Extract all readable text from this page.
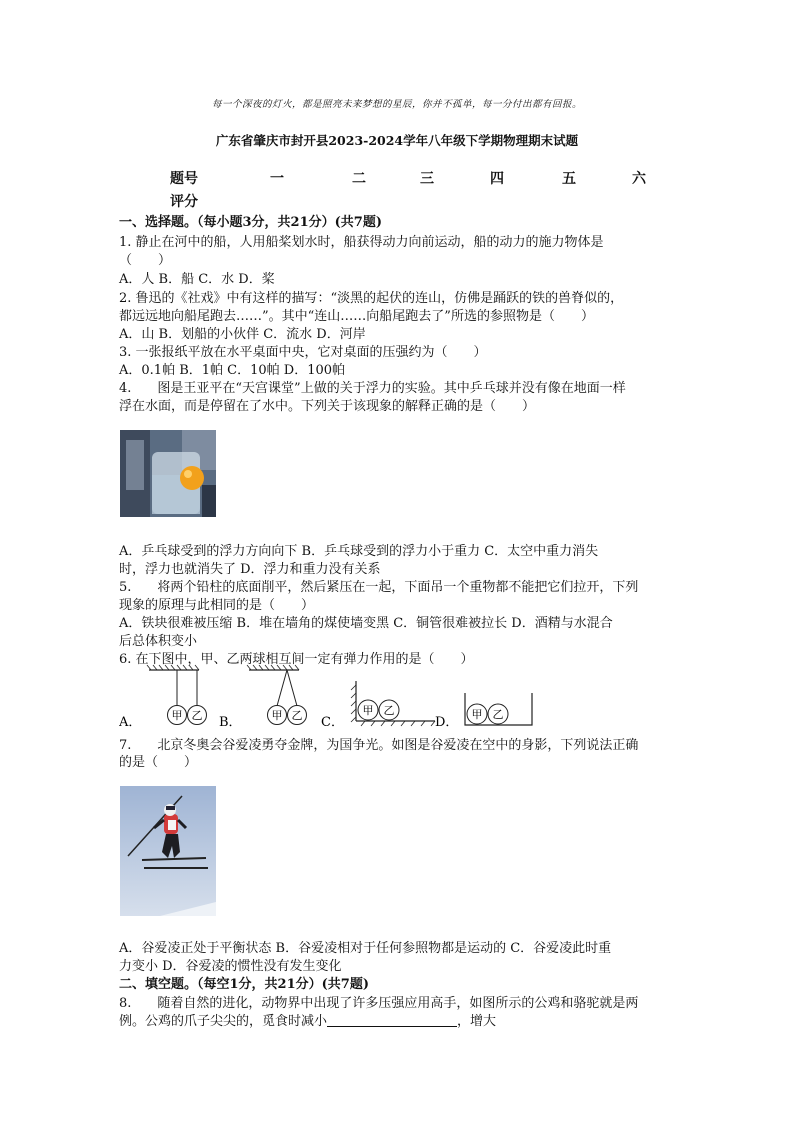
每一个深夜的灯火，都是照亮未来梦想的星辰，你并不孤单，每一分付出都有回报。
广东省肇庆市封开县2023-2024学年八年级下学期物理期末试题
题号	一	二	三	四	五	六
评分
一、选择题。（每小题3分，共21分）(共7题)
1. 静止在河中的船，人用船桨划水时，船获得动力向前运动，船的动力的施力物体是
（　　）
A．人 B．船 C．水 D．桨
2. 鲁迅的《社戏》中有这样的描写：“淡黑的起伏的连山，仿佛是踊跃的铁的兽脊似的，
都远远地向船尾跑去……”。其中“连山……向船尾跑去了”所选的参照物是（　　）
A．山 B．划船的小伙伴 C．流水 D．河岸
3. 一张报纸平放在水平桌面中央，它对桌面的压强约为（　　）
A．0.1帕 B．1帕 C．10帕 D．100帕
4.　　图是王亚平在“天宫课堂”上做的关于浮力的实验。其中乒乓球并没有像在地面一样
浮在水面，而是停留在了水中。下列关于该现象的解释正确的是（　　）
A．乒乓球受到的浮力方向向下 B．乒乓球受到的浮力小于重力 C．太空中重力消失
时，浮力也就消失了 D．浮力和重力没有关系
5.　　将两个铅柱的底面削平，然后紧压在一起，下面吊一个重物都不能把它们拉开，下列
现象的原理与此相同的是（　　）
A．铁块很难被压缩 B．堆在墙角的煤使墙变黑 C．铜管很难被拉长 D．酒精与水混合
后总体积变小
6. 在下图中，甲、乙两球相互间一定有弹力作用的是（　　）
甲 乙
A．	甲 乙
B．
甲 乙
C．
甲 乙
D．
7.　　北京冬奥会谷爱凌勇夺金牌，为国争光。如图是谷爱凌在空中的身影，下列说法正确
的是（　　）
A．谷爱凌正处于平衡状态 B．谷爱凌相对于任何参照物都是运动的 C．谷爱凌此时重
力变小 D．谷爱凌的惯性没有发生变化
二、填空题。（每空1分，共21分）(共7题)
8.　　随着自然的进化，动物界中出现了许多压强应用高手，如图所示的公鸡和骆驼就是两
例。公鸡的爪子尖尖的，觅食时减小	，增大
